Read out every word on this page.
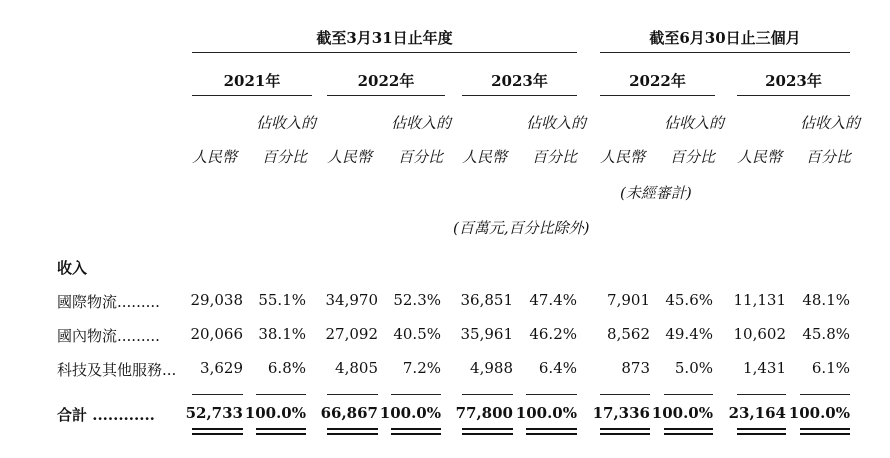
截至3月31日止年度	截至6月30日止三個月
2021年	2022年	2023年	2022年	2023年
佔收入的	佔收入的	佔收入的	佔收入的	佔收入的
人民幣 百分比 人民幣 百分比 人民幣 百分比 人民幣 百分比 人民幣 百分比
(未經審計)
(百萬元,百分比除外)
收入
國際物流.........	29,038	55.1%	34,970	52.3%	36,851	47.4%	7,901	45.6%	11,131	48.1%
國內物流.........	20,066	38.1%	27,092	40.5%	35,961	46.2%	8,562	49.4%	10,602	45.8%
科技及其他服務...	3,629	6.8%	4,805	7.2%	4,988	6.4%	873	5.0%	1,431	6.1%
合計 ............	52,733 100.0% 66,867 100.0% 77,800 100.0%	17,336 100.0%	23,164 100.0%
